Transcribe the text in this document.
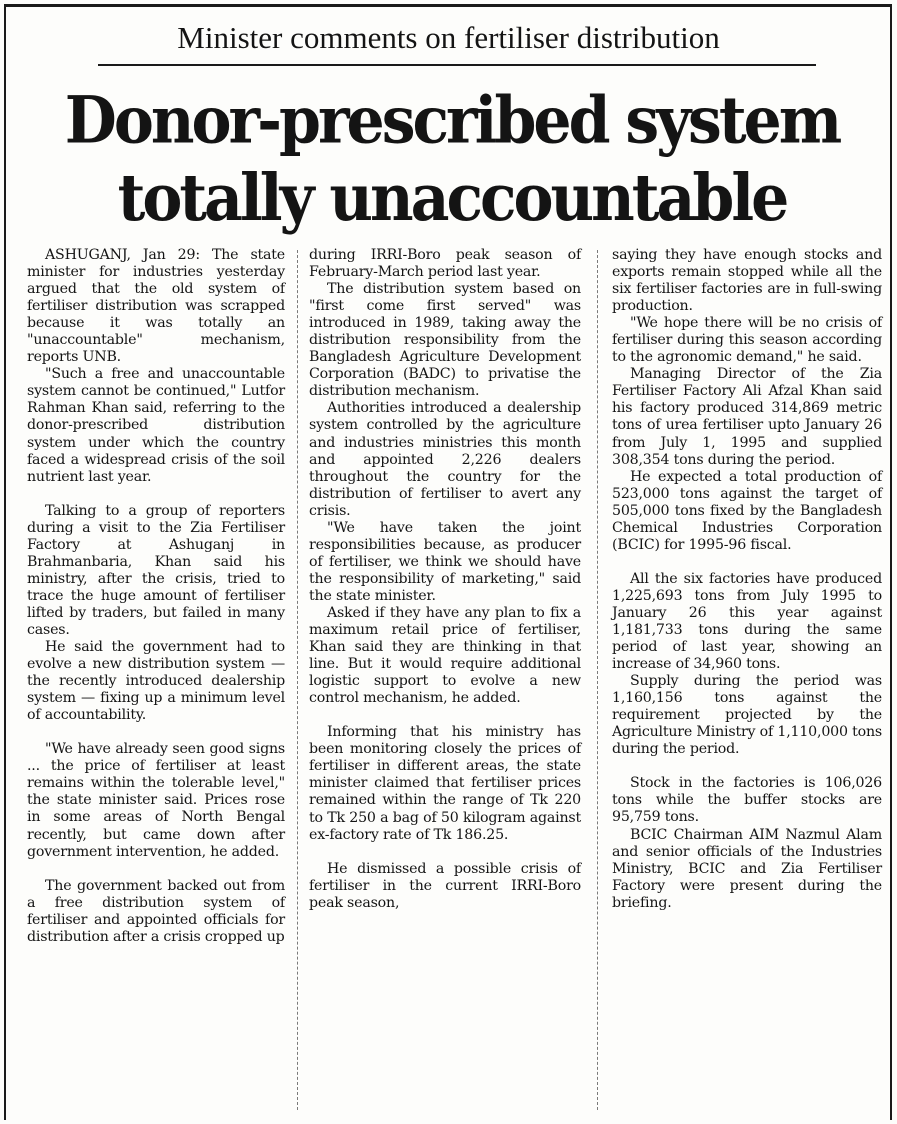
Minister comments on fertiliser distribution
Donor-prescribed system
totally unaccountable

ASHUGANJ, Jan 29: The state minister for industries yesterday argued that the old system of fertiliser distribution was scrapped because it was totally an "unaccountable" mechanism, reports UNB.

"Such a free and unaccountable system cannot be continued," Lutfor Rahman Khan said, referring to the donor-prescribed distribution system under which the country faced a widespread crisis of the soil nutrient last year.

Talking to a group of reporters during a visit to the Zia Fertiliser Factory at Ashuganj in Brahmanbaria, Khan said his ministry, after the crisis, tried to trace the huge amount of fertiliser lifted by traders, but failed in many cases.

He said the government had to evolve a new distribution system —the recently introduced dealership system — fixing up a minimum level of accountability.

"We have already seen good signs ... the price of fertiliser at least remains within the tolerable level," the state minister said. Prices rose in some areas of North Bengal recently, but came down after government intervention, he added.

The government backed out from a free distribution system of fertiliser and appointed officials for distribution after a crisis cropped up

during IRRI-Boro peak season of February-March period last year.

The distribution system based on "first come first served" was introduced in 1989, taking away the distribution responsibility from the Bangladesh Agriculture Development Corporation (BADC) to privatise the distribution mechanism.

Authorities introduced a dealership system controlled by the agriculture and industries ministries this month and appointed 2,226 dealers throughout the country for the distribution of fertiliser to avert any crisis.

"We have taken the joint responsibilities because, as producer of fertiliser, we think we should have the responsibility of marketing," said the state minister.

Asked if they have any plan to fix a maximum retail price of fertiliser, Khan said they are thinking in that line. But it would require additional logistic support to evolve a new control mechanism, he added.

Informing that his ministry has been monitoring closely the prices of fertiliser in different areas, the state minister claimed that fertiliser prices remained within the range of Tk 220 to Tk 250 a bag of 50 kilogram against ex-factory rate of Tk 186.25.

He dismissed a possible crisis of fertiliser in the current IRRI-Boro peak season,

saying they have enough stocks and exports remain stopped while all the six fertiliser factories are in full-swing production.

"We hope there will be no crisis of fertiliser during this season according to the agronomic demand," he said.

Managing Director of the Zia Fertiliser Factory Ali Afzal Khan said his factory produced 314,869 metric tons of urea fertiliser upto January 26 from July 1, 1995 and supplied 308,354 tons during the period.

He expected a total production of 523,000 tons against the target of 505,000 tons fixed by the Bangladesh Chemical Industries Corporation (BCIC) for 1995-96 fiscal.

All the six factories have produced 1,225,693 tons from July 1995 to January 26 this year against 1,181,733 tons during the same period of last year, showing an increase of 34,960 tons.

Supply during the period was 1,160,156 tons against the requirement projected by the Agriculture Ministry of 1,110,000 tons during the period.

Stock in the factories is 106,026 tons while the buffer stocks are 95,759 tons.

BCIC Chairman AIM Nazmul Alam and senior officials of the Industries Ministry, BCIC and Zia Fertiliser Factory were present during the briefing.
